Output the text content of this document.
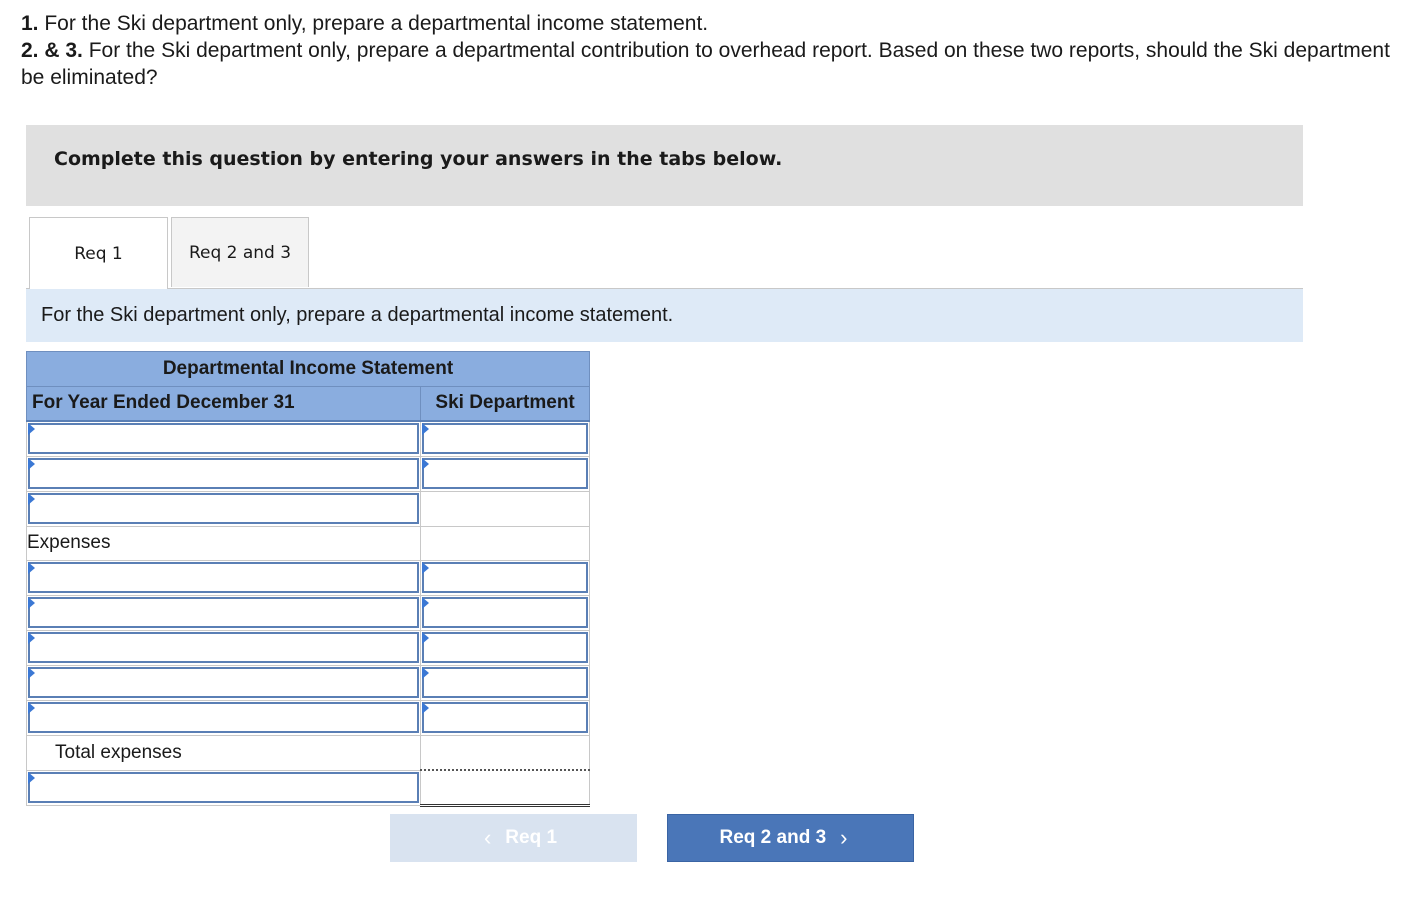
1. For the Ski department only, prepare a departmental income statement.

2. & 3. For the Ski department only, prepare a departmental contribution to overhead report. Based on these two reports, should the Ski department be eliminated?

Complete this question by entering your answers in the tabs below.
Req 1	Req 2 and 3
For the Ski department only, prepare a departmental income statement.
Departmental Income Statement	
For Year Ended December 31	Ski Department

Expenses	

Total expenses	

‹ Req 1	Req 2 and 3 ›
